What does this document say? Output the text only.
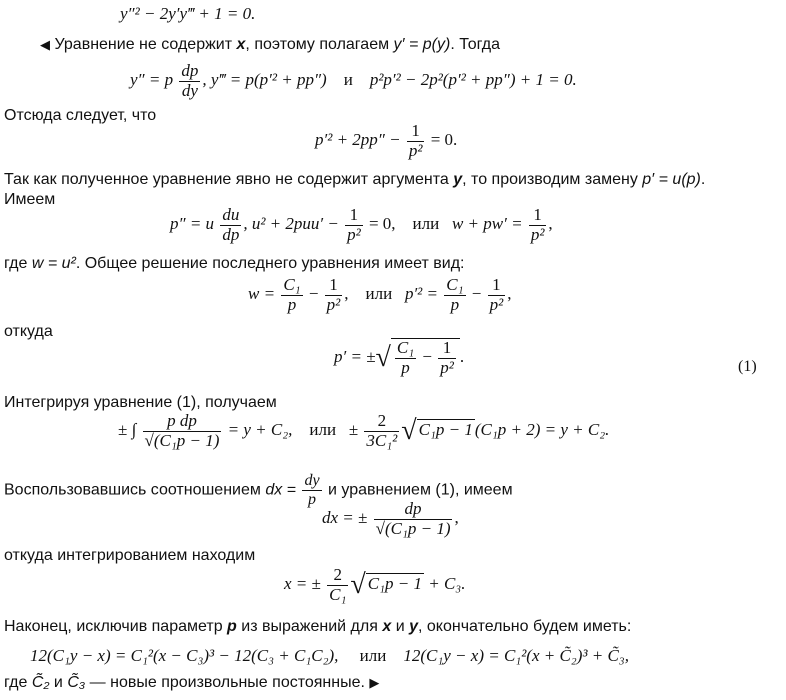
y″² − 2y′y‴ + 1 = 0.
◀ Уравнение не содержит x, поэтому полагаем y′ = p(y). Тогда
y″ = p $\frac{dp}{dy}$ , y‴ = p(p′² + pp″) и p²p′² − 2p²(p′² + pp″) + 1 = 0.
Отсюда следует, что
$p'^2 + 2pp'' - \frac{1}{\text{p²}} = 0$.
Так как полученное уравнение явно не содержит аргумента y, то производим замену p′ = u(p).
Имеем
p″ = u $\frac{du}{dp}$ , $u^2 + 2puu' - \frac{1}{\text{p²}} = 0$, или $w + pw' = \frac{1}{\text{p²}}$ ,
где w = u². Общее решение последнего уравнения имеет вид:
$w = \frac{\text{C₁}}{p} - \frac{1}{\text{p²}}$ , или $p'^2 = \frac{\text{C₁}}{p} - \frac{1}{\text{p²}}$ ,
откуда
p′ = ±√ $\frac{\text{C₁}}{p} - \frac{1}{\text{p²}}$ .
(1)
Интегрируя уравнение (1), получаем
± ∫ $\frac{\text{p dp}}{\text{√(C₁p − 1)}} = y + C_2$, или ± $\frac{2}{\text{3C₁²}}$ √ C₁p − 1 (C₁p + 2) = y + C₂.
Воспользовавшись соотношением dx = $\frac{dy}{p}$ и уравнением (1), имеем
dx = ± $\frac{dp}{\text{√(C₁p − 1)}}$ ,
откуда интегрированием находим
x = ± $\frac{2}{\text{C₁}}$ √ C₁p − 1 + C₃.
Наконец, исключив параметр p из выражений для x и y, окончательно будем иметь:
12(C₁y − x) = C₁²(x − C₃)³ − 12(C₃ + C₁C₂), или 12(C₁y − x) = C₁²(x + C̃₂)³ + C̃₃,
где C̃₂ и C̃₃ — новые произвольные постоянные. ▶
